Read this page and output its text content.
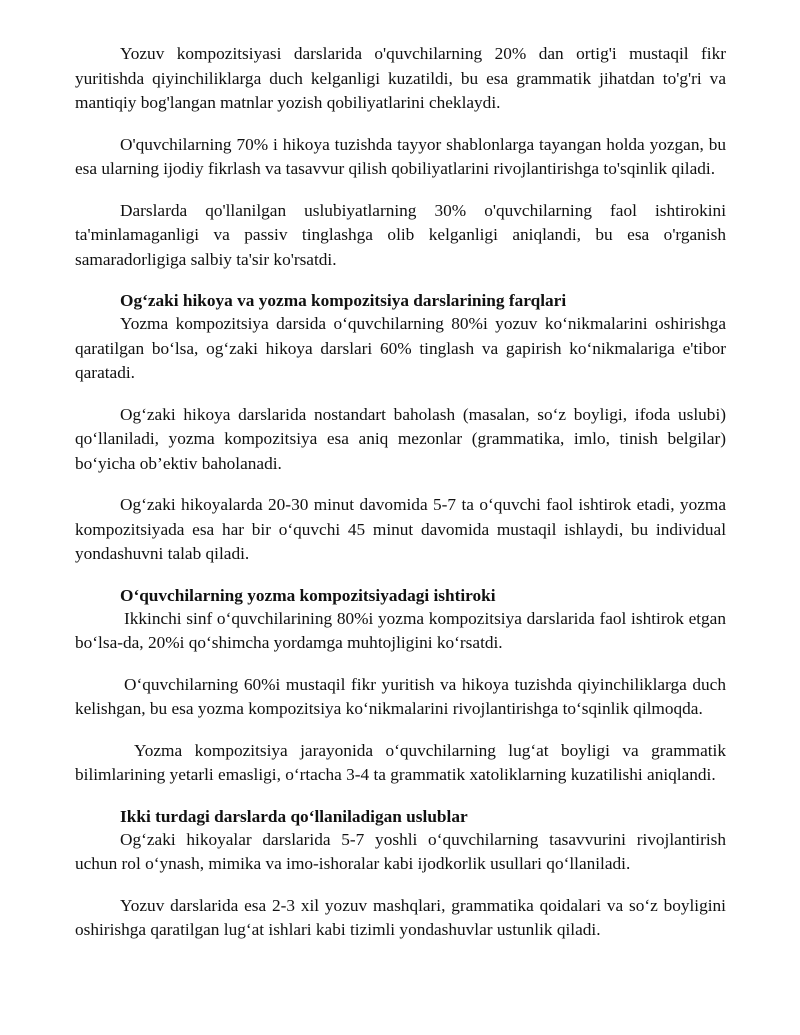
Yozuv kompozitsiyasi darslarida o'quvchilarning 20% dan ortig'i mustaqil fikr yuritishda qiyinchiliklarga duch kelganligi kuzatildi, bu esa grammatik jihatdan to'g'ri va mantiqiy bog'langan matnlar yozish qobiliyatlarini cheklaydi.

O'quvchilarning 70% i hikoya tuzishda tayyor shablonlarga tayangan holda yozgan, bu esa ularning ijodiy fikrlash va tasavvur qilish qobiliyatlarini rivojlantirishga to'sqinlik qiladi.

Darslarda qo'llanilgan uslubiyatlarning 30% o'quvchilarning faol ishtirokini ta'minlamaganligi va passiv tinglashga olib kelganligi aniqlandi, bu esa o'rganish samaradorligiga salbiy ta'sir ko'rsatdi.

Og‘zaki hikoya va yozma kompozitsiya darslarining farqlari

Yozma kompozitsiya darsida o‘quvchilarning 80%i yozuv ko‘nikmalarini oshirishga qaratilgan bo‘lsa, og‘zaki hikoya darslari 60% tinglash va gapirish ko‘nikmalariga e'tibor qaratadi.

Og‘zaki hikoya darslarida nostandart baholash (masalan, so‘z boyligi, ifoda uslubi) qo‘llaniladi, yozma kompozitsiya esa aniq mezonlar (grammatika, imlo, tinish belgilar) bo‘yicha ob’ektiv baholanadi.

Og‘zaki hikoyalarda 20-30 minut davomida 5-7 ta o‘quvchi faol ishtirok etadi, yozma kompozitsiyada esa har bir o‘quvchi 45 minut davomida mustaqil ishlaydi, bu individual yondashuvni talab qiladi.

O‘quvchilarning yozma kompozitsiyadagi ishtiroki

Ikkinchi sinf o‘quvchilarining 80%i yozma kompozitsiya darslarida faol ishtirok etgan bo‘lsa-da, 20%i qo‘shimcha yordamga muhtojligini ko‘rsatdi.

O‘quvchilarning 60%i mustaqil fikr yuritish va hikoya tuzishda qiyinchiliklarga duch kelishgan, bu esa yozma kompozitsiya ko‘nikmalarini rivojlantirishga to‘sqinlik qilmoqda.

Yozma kompozitsiya jarayonida o‘quvchilarning lug‘at boyligi va grammatik bilimlarining yetarli emasligi, o‘rtacha 3-4 ta grammatik xatoliklarning kuzatilishi aniqlandi.

Ikki turdagi darslarda qo‘llaniladigan uslublar

Og‘zaki hikoyalar darslarida 5-7 yoshli o‘quvchilarning tasavvurini rivojlantirish uchun rol o‘ynash, mimika va imo-ishoralar kabi ijodkorlik usullari qo‘llaniladi.

Yozuv darslarida esa 2-3 xil yozuv mashqlari, grammatika qoidalari va so‘z boyligini oshirishga qaratilgan lug‘at ishlari kabi tizimli yondashuvlar ustunlik qiladi.
